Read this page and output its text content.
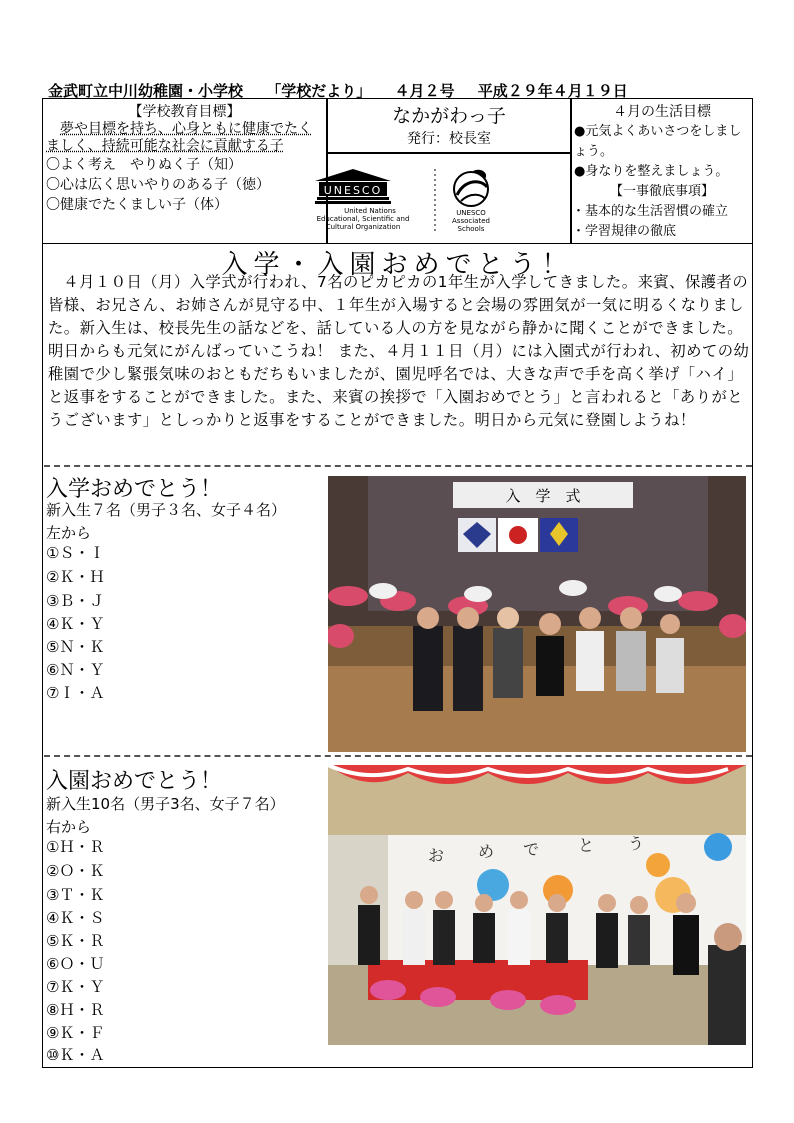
金武町立中川幼稚園・小学校 「学校だより」 ４月２号 平成２９年４月１９日
【学校教育目標】
夢や目標を持ち、心身ともに健康でたくましく、持続可能な社会に貢献する子
〇よく考え　やりぬく子（知）
〇心は広く思いやりのある子（徳）
〇健康でたくましい子（体）
なかがわっ子
発行：校長室
４月の生活目標
●元気よくあいさつをしましょう。
●身なりを整えましょう。
【一事徹底事項】
・基本的な生活習慣の確立
・学習規律の徹底
UNESCO
United Nations
Educational, Scientific and
Cultural Organization
UNESCO
Associated
Schools
入学・入園おめでとう！
４月１０日（月）入学式が行われ、7名のピカピカの1年生が入学してきました。来賓、保護者の皆様、お兄さん、お姉さんが見守る中、１年生が入場すると会場の雰囲気が一気に明るくなりました。新入生は、校長先生の話などを、話している人の方を見ながら静かに聞くことができました。明日からも元気にがんばっていこうね！ また、４月１１日（月）には入園式が行われ、初めての幼稚園で少し緊張気味のおともだちもいましたが、園児呼名では、大きな声で手を高く挙げ「ハイ」と返事をすることができました。また、来賓の挨拶で「入園おめでとう」と言われると「ありがとうございます」としっかりと返事をすることができました。明日から元気に登園しようね！
入学おめでとう！
新入生７名（男子３名、女子４名）
左から
①Ｓ・Ｉ
②Ｋ・Ｈ
③Ｂ・Ｊ
④Ｋ・Ｙ
⑤Ｎ・Ｋ
⑥Ｎ・Ｙ
⑦Ｉ・Ａ
入　学　式
入園おめでとう！
新入生10名（男子3名、女子７名）
右から
①Ｈ・Ｒ
②Ｏ・Ｋ
③Ｔ・Ｋ
④Ｋ・Ｓ
⑤Ｋ・Ｒ
⑥Ｏ・Ｕ
⑦Ｋ・Ｙ
⑧Ｈ・Ｒ
⑨Ｋ・Ｆ
⑩Ｋ・Ａ
お め で と う
